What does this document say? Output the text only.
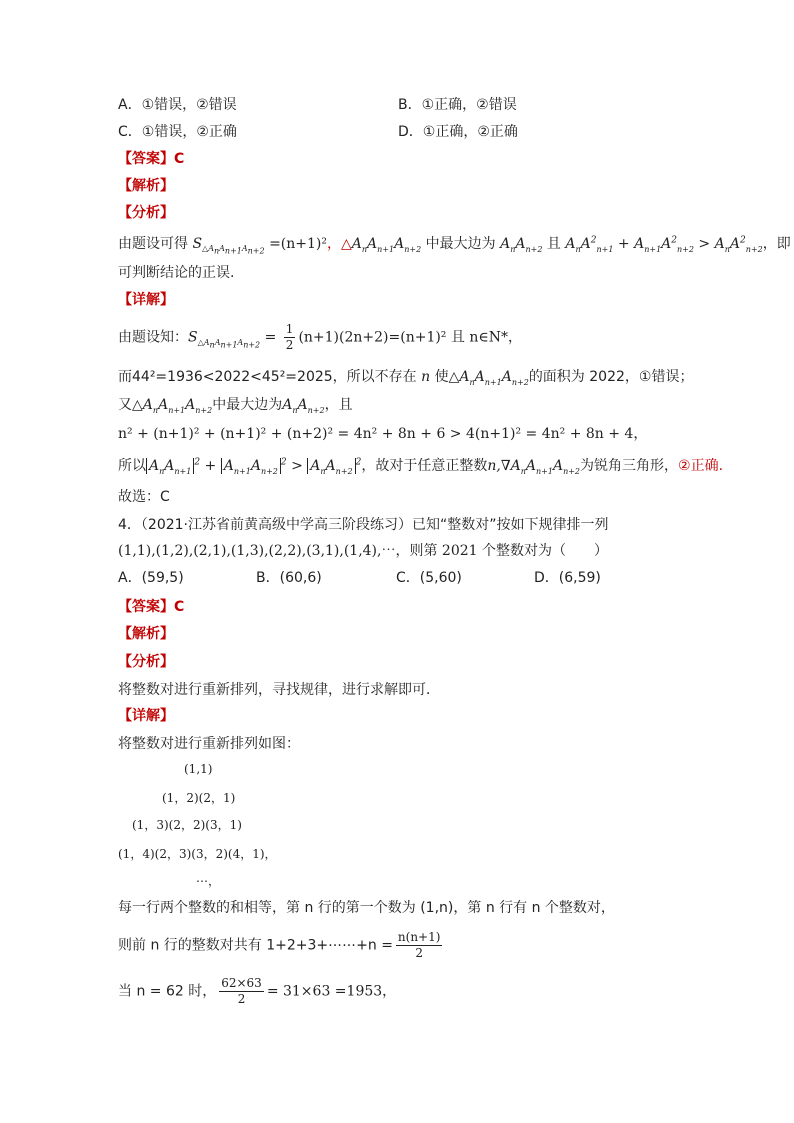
A．①错误，②错误	B．①正确，②错误
C．①错误，②正确	D．①正确，②正确
【答案】C
【解析】
【分析】
由题设可得 $S_{\triangle A_nA_{n+1}A_{n+2}} =(n+1)^2$，$\triangle A_nA_{n+1}A_{n+2}$ 中最大边为 $A_nA_{n+2}$ 且 $A_nA^2_{n+1} + A_{n+1}A^2_{n+2} > A_nA^2_{n+2}$，即
可判断结论的正误.
【详解】
由题设知：$S_{\triangle A_nA_{n+1}A_{n+2}} = \frac{1}{2} (n+1)(2n+2)=(n+1)^2$ 且 n∈N*，
而44²=1936<2022<45²=2025，所以不存在 n 使$\triangle A_nA_{n+1}A_{n+2}$的面积为 2022，①错误；
又$\triangle A_nA_{n+1}A_{n+2}$中最大边为$A_nA_{n+2}$，且
n² + (n+1)² + (n+1)² + (n+2)² = 4n² + 8n + 6 > 4(n+1)² = 4n² + 8n + 4，
所以 $A_nA_{n+1}^2 + A_{n+1}A_{n+2}^2 > A_nA_{n+2}^2$，故对于任意正整数$n,\nabla A_nA_{n+1}A_{n+2}$为锐角三角形，②正确.
故选：C
4．（2021·江苏省前黄高级中学高三阶段练习）已知“整数对”按如下规律排一列
(1,1),(1,2),(2,1),(1,3),(2,2),(3,1),(1,4),⋯，则第 2021 个整数对为（　　）
A．(59,5)	B．(60,6)	C．(5,60)	D．(6,59)
【答案】C
【解析】
【分析】
将整数对进行重新排列，寻找规律，进行求解即可．
【详解】
将整数对进行重新排列如图：
(1,1)
(1，2)(2，1)
(1，3)(2，2)(3，1)
(1，4)(2，3)(3，2)(4，1)，
⋯，
每一行两个整数的和相等，第 n 行的第一个数为 (1,n)，第 n 行有 n 个整数对，
则前 n 行的整数对共有 1+2+3+⋯⋯+n = $\frac{n(n+1)}{2}$
当 n = 62 时， $\frac{62\times 63}{2} = 31\times 63 =1953$，
